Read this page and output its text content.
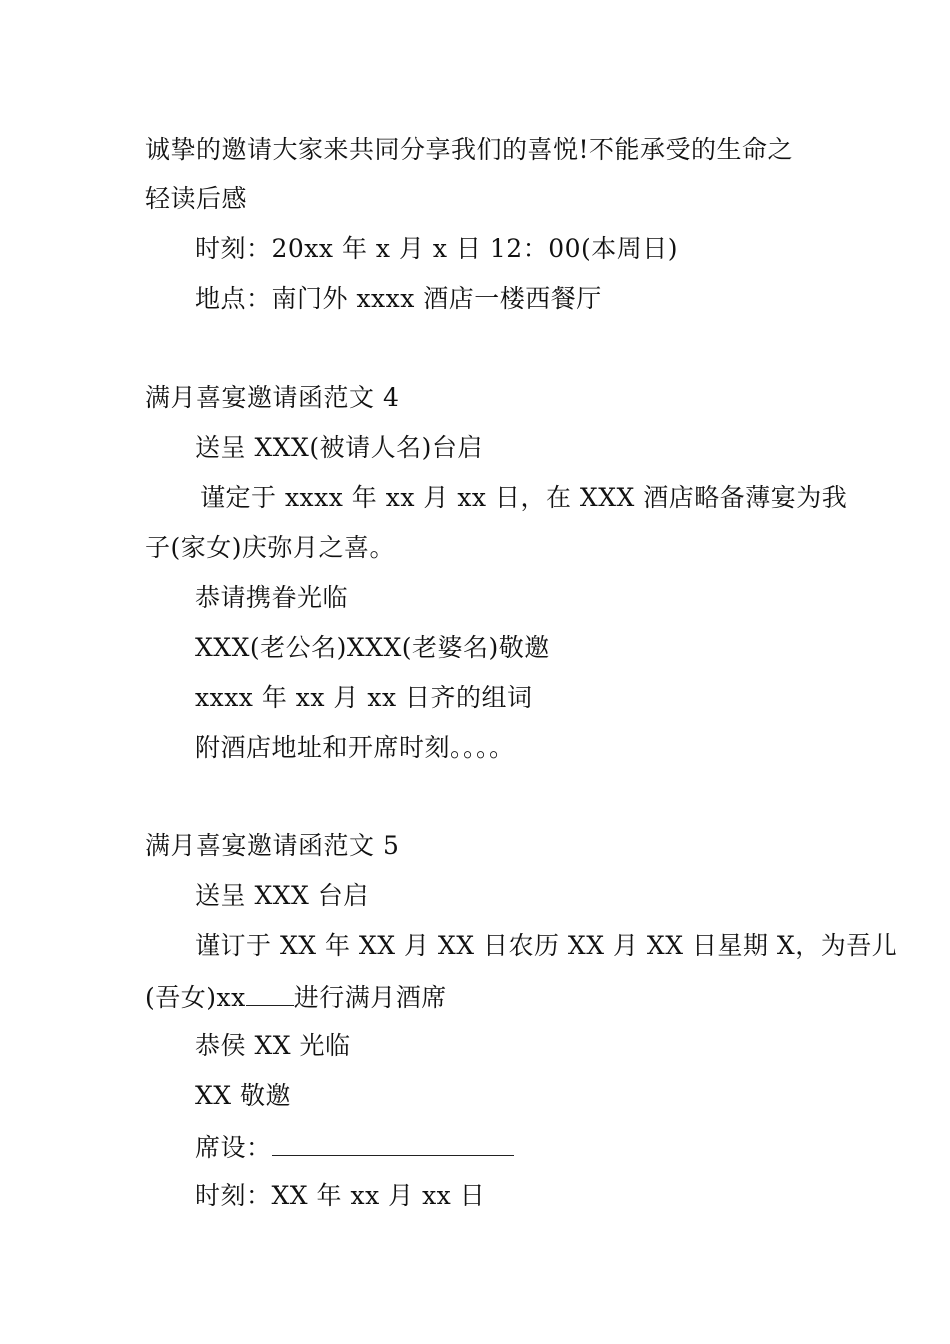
诚挚的邀请大家来共同分享我们的喜悦!不能承受的生命之
轻读后感
时刻：20xx 年 x 月 x 日 12：00(本周日)
地点：南门外 xxxx 酒店一楼西餐厅
满月喜宴邀请函范文 4
送呈 XXX(被请人名)台启
谨定于 xxxx 年 xx 月 xx 日，在 XXX 酒店略备薄宴为我
子(家女)庆弥月之喜。
恭请携眷光临
XXX(老公名)XXX(老婆名)敬邀
xxxx 年 xx 月 xx 日齐的组词
附酒店地址和开席时刻。。。。
满月喜宴邀请函范文 5
送呈 XXX 台启
谨订于 XX 年 XX 月 XX 日农历 XX 月 XX 日星期 X，为吾儿
(吾女)xx 进行满月酒席
恭侯 XX 光临
XX 敬邀
席设：
时刻：XX 年 xx 月 xx 日
